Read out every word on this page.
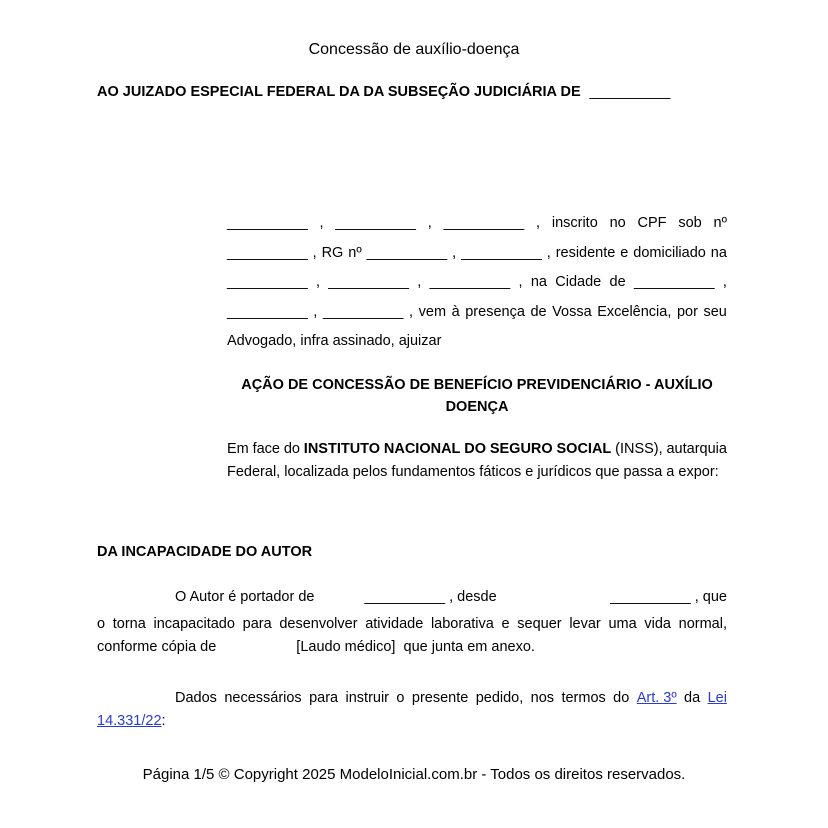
Concessão de auxílio-doença
AO JUIZADO ESPECIAL FEDERAL DA DA SUBSEÇÃO JUDICIÁRIA DE __________
__________ , __________ , __________ , inscrito no CPF sob nº
__________ , RG nº __________ , __________ , residente e domiciliado na
__________ , __________ , __________ , na Cidade de __________ ,
__________ , __________ , vem à presença de Vossa Excelência, por seu
Advogado, infra assinado, ajuizar
AÇÃO DE CONCESSÃO DE BENEFÍCIO PREVIDENCIÁRIO - AUXÍLIO
DOENÇA
Em face do INSTITUTO NACIONAL DO SEGURO SOCIAL (INSS), autarquia
Federal, localizada pelos fundamentos fáticos e jurídicos que passa a expor:
DA INCAPACIDADE DO AUTOR
O Autor é portador de	__________ , desde	__________ , que
o torna incapacitado para desenvolver atividade laborativa e sequer levar uma vida normal,
conforme cópia de	[Laudo médico] que junta em anexo.
Dados necessários para instruir o presente pedido, nos termos do Art. 3º da Lei
14.331/22:
Página 1/5 © Copyright 2025 ModeloInicial.com.br - Todos os direitos reservados.
